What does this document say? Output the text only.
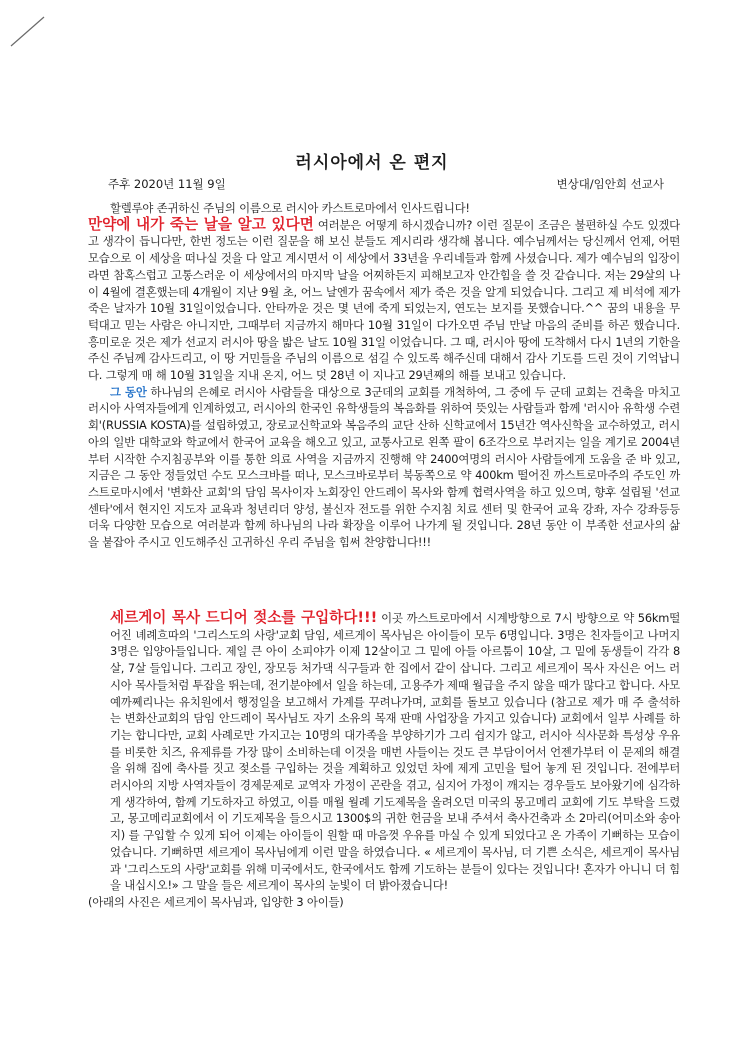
러시아에서 온 편지
주후 2020년 11월 9일	변상대/임안희 선교사

할렐루야 존귀하신 주님의 이름으로 러시아 카스트로마에서 인사드립니다!

만약에 내가 죽는 날을 알고 있다면 여러분은 어떻게 하시겠습니까? 이런 질문이 조금은 불편하실 수도 있겠다고 생각이 듭니다만, 한번 정도는 이런 질문을 해 보신 분들도 계시리라 생각해 봅니다. 예수님께서는 당신께서 언제, 어떤 모습으로 이 세상을 떠나실 것을 다 알고 계시면서 이 세상에서 33년을 우리네들과 함께 사셨습니다. 제가 예수님의 입장이라면 참혹스럽고 고통스러운 이 세상에서의 마지막 날을 어찌하든지 피해보고자 안간힘을 쓸 것 같습니다. 저는 29살의 나이 4월에 결혼했는데 4개월이 지난 9월 초, 어느 날엔가 꿈속에서 제가 죽은 것을 알게 되었습니다. 그리고 제 비석에 제가 죽은 날자가 10월 31일이었습니다. 안타까운 것은 몇 년에 죽게 되었는지, 연도는 보지를 못했습니다.^^ 꿈의 내용을 무턱대고 믿는 사람은 아니지만, 그때부터 지금까지 해마다 10월 31일이 다가오면 주님 만날 마음의 준비를 하곤 했습니다. 흥미로운 것은 제가 선교지 러시아 땅을 밟은 날도 10월 31일 이었습니다. 그 때, 러시아 땅에 도착해서 다시 1년의 기한을 주신 주님께 감사드리고, 이 땅 거민들을 주님의 이름으로 섬길 수 있도록 해주신데 대해서 감사 기도를 드린 것이 기억납니다. 그렇게 매 해 10월 31일을 지내 온지, 어느 덧 28년 이 지나고 29년째의 해를 보내고 있습니다.

그 동안 하나님의 은혜로 러시아 사람들을 대상으로 3군데의 교회를 개척하여, 그 중에 두 군데 교회는 건축을 마치고 러시아 사역자들에게 인계하였고, 러시아의 한국인 유학생들의 복음화를 위하여 뜻있는 사람들과 함께 '러시아 유학생 수련회'(RUSSIA KOSTA)를 설립하였고, 장로교신학교와 복음주의 교단 산하 신학교에서 15년간 역사신학을 교수하였고, 러시아의 일반 대학교와 학교에서 한국어 교육을 해오고 있고, 교통사고로 왼쪽 팔이 6조각으로 부러지는 일을 계기로 2004년부터 시작한 수지침공부와 이를 통한 의료 사역을 지금까지 진행해 약 2400여명의 러시아 사람들에게 도움을 준 바 있고, 지금은 그 동안 정들었던 수도 모스크바를 떠나, 모스크바로부터 북동쪽으로 약 400km 떨어진 까스트로마주의 주도인 까스트로마시에서 '변화산 교회'의 담임 목사이자 노회장인 안드레이 목사와 함께 협력사역을 하고 있으며, 향후 설립될 '선교센타'에서 현지인 지도자 교육과 청년리더 양성, 불신자 전도를 위한 수지침 치료 센터 및 한국어 교육 강좌, 자수 강좌등등 더욱 다양한 모습으로 여러분과 함께 하나님의 나라 확장을 이루어 나가게 될 것입니다. 28년 동안 이 부족한 선교사의 삶을 붙잡아 주시고 인도해주신 고귀하신 우리 주님을 힘써 찬양합니다!!!

세르게이 목사 드디어 젖소를 구입하다!!! 이곳 까스트로마에서 시계방향으로 7시 방향으로 약 56km떨어진 녜례흐따의 '그리스도의 사랑'교회 담임, 세르게이 목사님은 아이들이 모두 6명입니다. 3명은 친자들이고 나머지 3명은 입양아들입니다. 제일 큰 아이 소피야가 이제 12살이고 그 밑에 아들 아르툼이 10살, 그 밑에 동생들이 각각 8살, 7살 들입니다. 그리고 장인, 장모등 처가댁 식구들과 한 집에서 같이 삽니다. 그리고 세르게이 목사 자신은 어느 러시아 목사들처럼 투잡을 뛰는데, 전기분야에서 일을 하는데, 고용주가 제때 월급을 주지 않을 때가 많다고 합니다. 사모 예까쩨리나는 유치원에서 행정일을 보고해서 가계를 꾸려나가며, 교회를 돌보고 있습니다 (참고로 제가 매 주 출석하는 변화산교회의 담임 안드레이 목사님도 자기 소유의 목재 판매 사업장을 가지고 있습니다) 교회에서 일부 사례를 하기는 합니다만, 교회 사례로만 가지고는 10명의 대가족을 부양하기가 그리 쉽지가 않고, 러시아 식사문화 특성상 우유를 비롯한 치즈, 유제류를 가장 많이 소비하는데 이것을 매번 사들이는 것도 큰 부담이어서 언젠가부터 이 문제의 해결을 위해 집에 축사를 짓고 젖소를 구입하는 것을 계획하고 있었던 차에 제게 고민을 털어 놓게 된 것입니다. 전에부터 러시아의 지방 사역자들이 경제문제로 교역자 가정이 곤란을 겪고, 심지어 가정이 깨지는 경우들도 보아왔기에 심각하게 생각하여, 함께 기도하자고 하였고, 이를 매월 월례 기도제목을 올려오던 미국의 몽고메리 교회에 기도 부탁을 드렸고, 몽고메리교회에서 이 기도제목을 들으시고 1300$의 귀한 헌금을 보내 주셔서 축사건축과 소 2마리(어미소와 송아지) 를 구입할 수 있게 되어 이제는 아이들이 원할 때 마음껏 우유를 마실 수 있게 되었다고 온 가족이 기뻐하는 모습이었습니다. 기뻐하면 세르게이 목사님에게 이런 말을 하였습니다. « 세르게이 목사님, 더 기쁜 소식은, 세르게이 목사님과 '그리스도의 사랑'교회를 위해 미국에서도, 한국에서도 함께 기도하는 분들이 있다는 것입니다! 혼자가 아니니 더 힘을 내십시오!» 그 말을 들은 세르게이 목사의 눈빛이 더 밝아졌습니다!

(아래의 사진은 세르게이 목사님과, 입양한 3 아이들)
